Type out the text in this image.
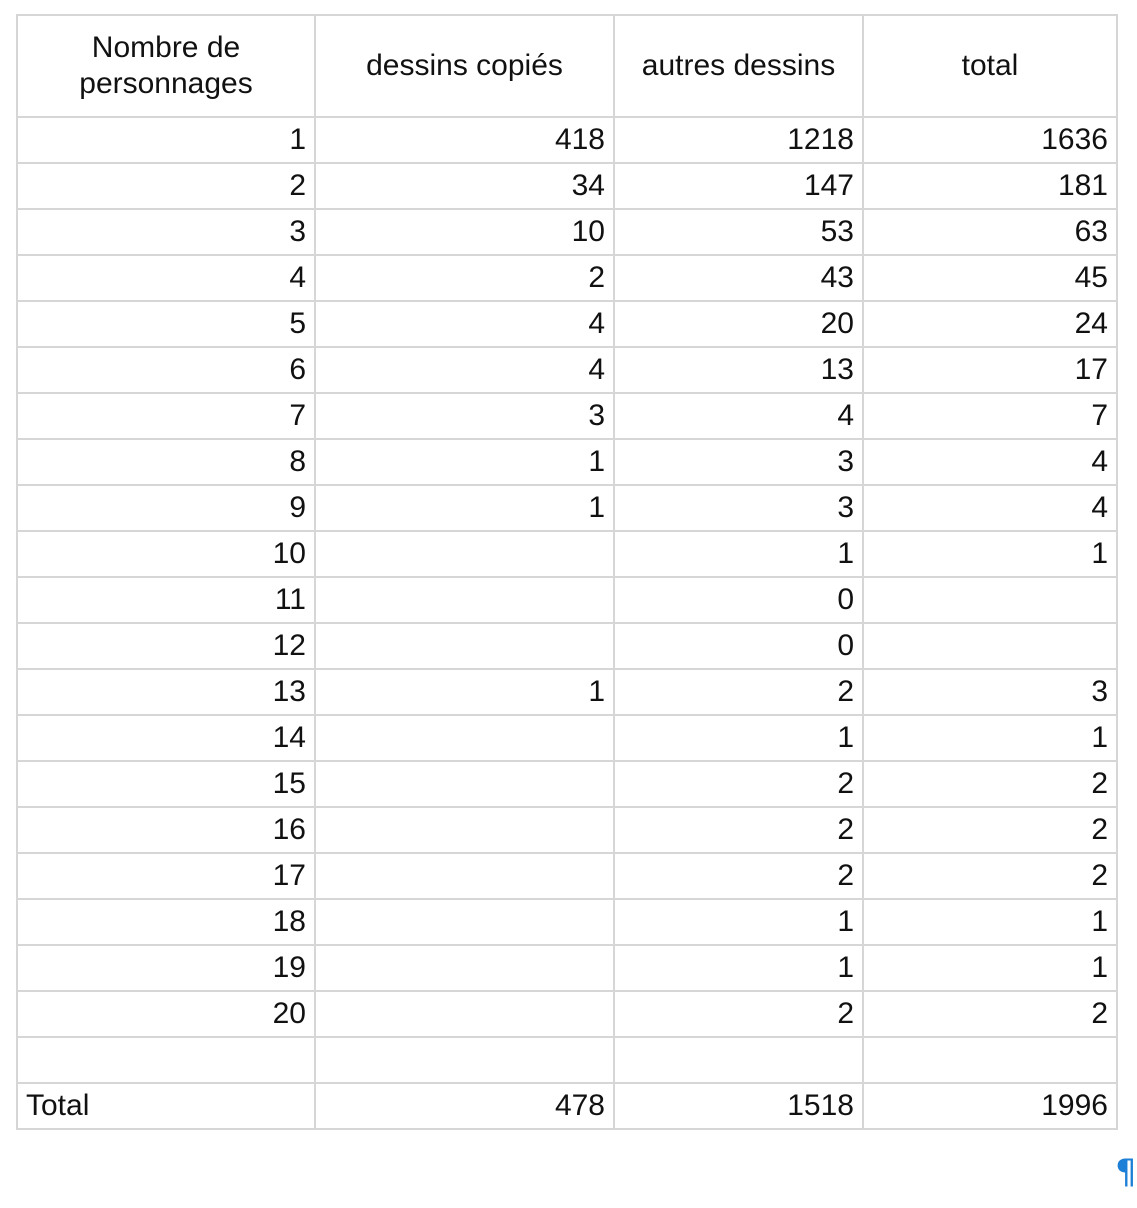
Nombre de personnages	dessins copiés	autres dessins	total
1	418	1218	1636
2	34	147	181
3	10	53	63
4	2	43	45
5	4	20	24
6	4	13	17
7	3	4	7
8	1	3	4
9	1	3	4
10		1	1
11		0	
12		0	
13	1	2	3
14		1	1
15		2	2
16		2	2
17		2	2
18		1	1
19		1	1
20		2	2

Total	478	1518	1996
¶
